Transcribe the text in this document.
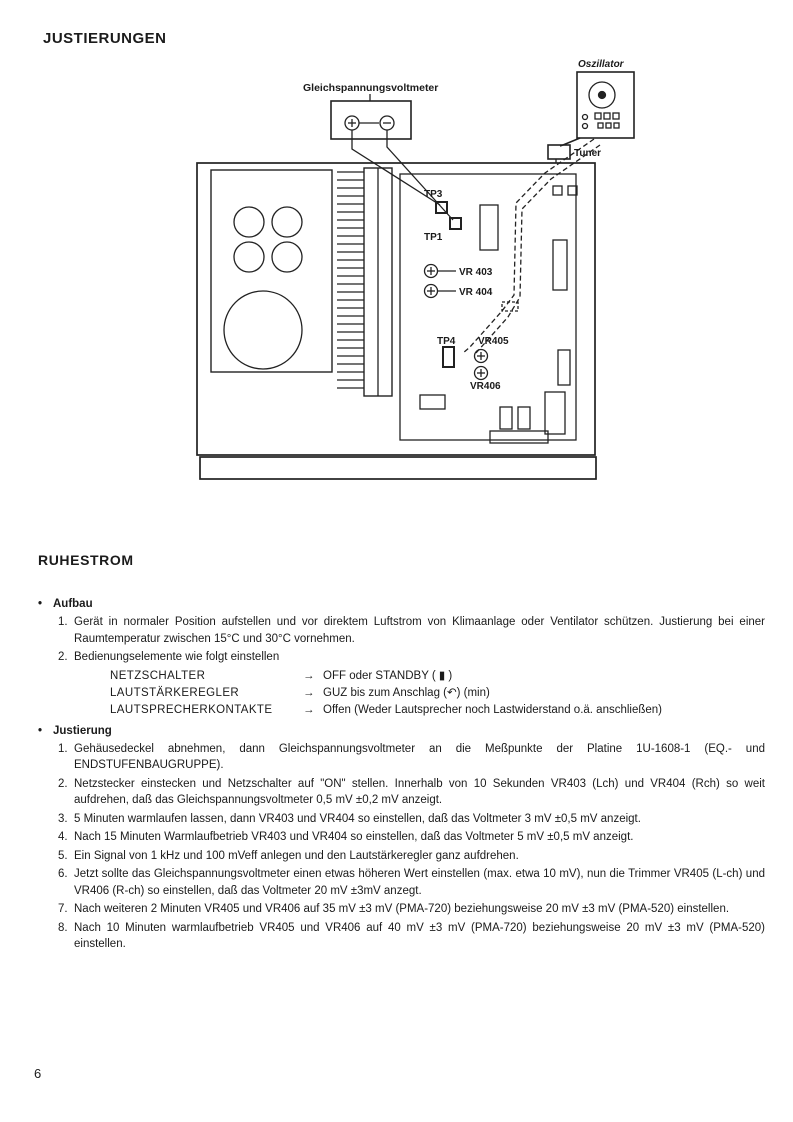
JUSTIERUNGEN
Gleichspannungsvoltmeter
Oszillator
Tuner
TP3
TP1
VR 403
VR 404
TP4 VR405
VR406
RUHESTROM
• Aufbau
1. Gerät in normaler Position aufstellen und vor direktem Luftstrom von Klimaanlage oder Ventilator schützen. Justierung bei einer Raumtemperatur zwischen 15°C und 30°C vornehmen.
2. Bedienungselemente wie folgt einstellen
NETZSCHALTER	→ OFF oder STANDBY ( ▮ )
LAUTSTÄRKEREGLER	→ GUZ bis zum Anschlag (↶) (min)
LAUTSPRECHERKONTAKTE	→ Offen (Weder Lautsprecher noch Lastwiderstand o.ä. anschließen)
• Justierung
1. Gehäusedeckel abnehmen, dann Gleichspannungsvoltmeter an die Meßpunkte der Platine 1U-1608-1 (EQ.- und ENDSTUFENBAUGRUPPE).
2. Netzstecker einstecken und Netzschalter auf "ON" stellen. Innerhalb von 10 Sekunden VR403 (Lch) und VR404 (Rch) so weit aufdrehen, daß das Gleichspannungsvoltmeter 0,5 mV ±0,2 mV anzeigt.
3. 5 Minuten warmlaufen lassen, dann VR403 und VR404 so einstellen, daß das Voltmeter 3 mV ±0,5 mV anzeigt.
4. Nach 15 Minuten Warmlaufbetrieb VR403 und VR404 so einstellen, daß das Voltmeter 5 mV ±0,5 mV anzeigt.
5. Ein Signal von 1 kHz und 100 mVeff anlegen und den Lautstärkeregler ganz aufdrehen.
6. Jetzt sollte das Gleichspannungsvoltmeter einen etwas höheren Wert einstellen (max. etwa 10 mV), nun die Trimmer VR405 (L-ch) und VR406 (R-ch) so einstellen, daß das Voltmeter 20 mV ±3mV anzegt.
7. Nach weiteren 2 Minuten VR405 und VR406 auf 35 mV ±3 mV (PMA-720) beziehungsweise 20 mV ±3 mV (PMA-520) einstellen.
8. Nach 10 Minuten warmlaufbetrieb VR405 und VR406 auf 40 mV ±3 mV (PMA-720) beziehungsweise 20 mV ±3 mV (PMA-520) einstellen.
6
